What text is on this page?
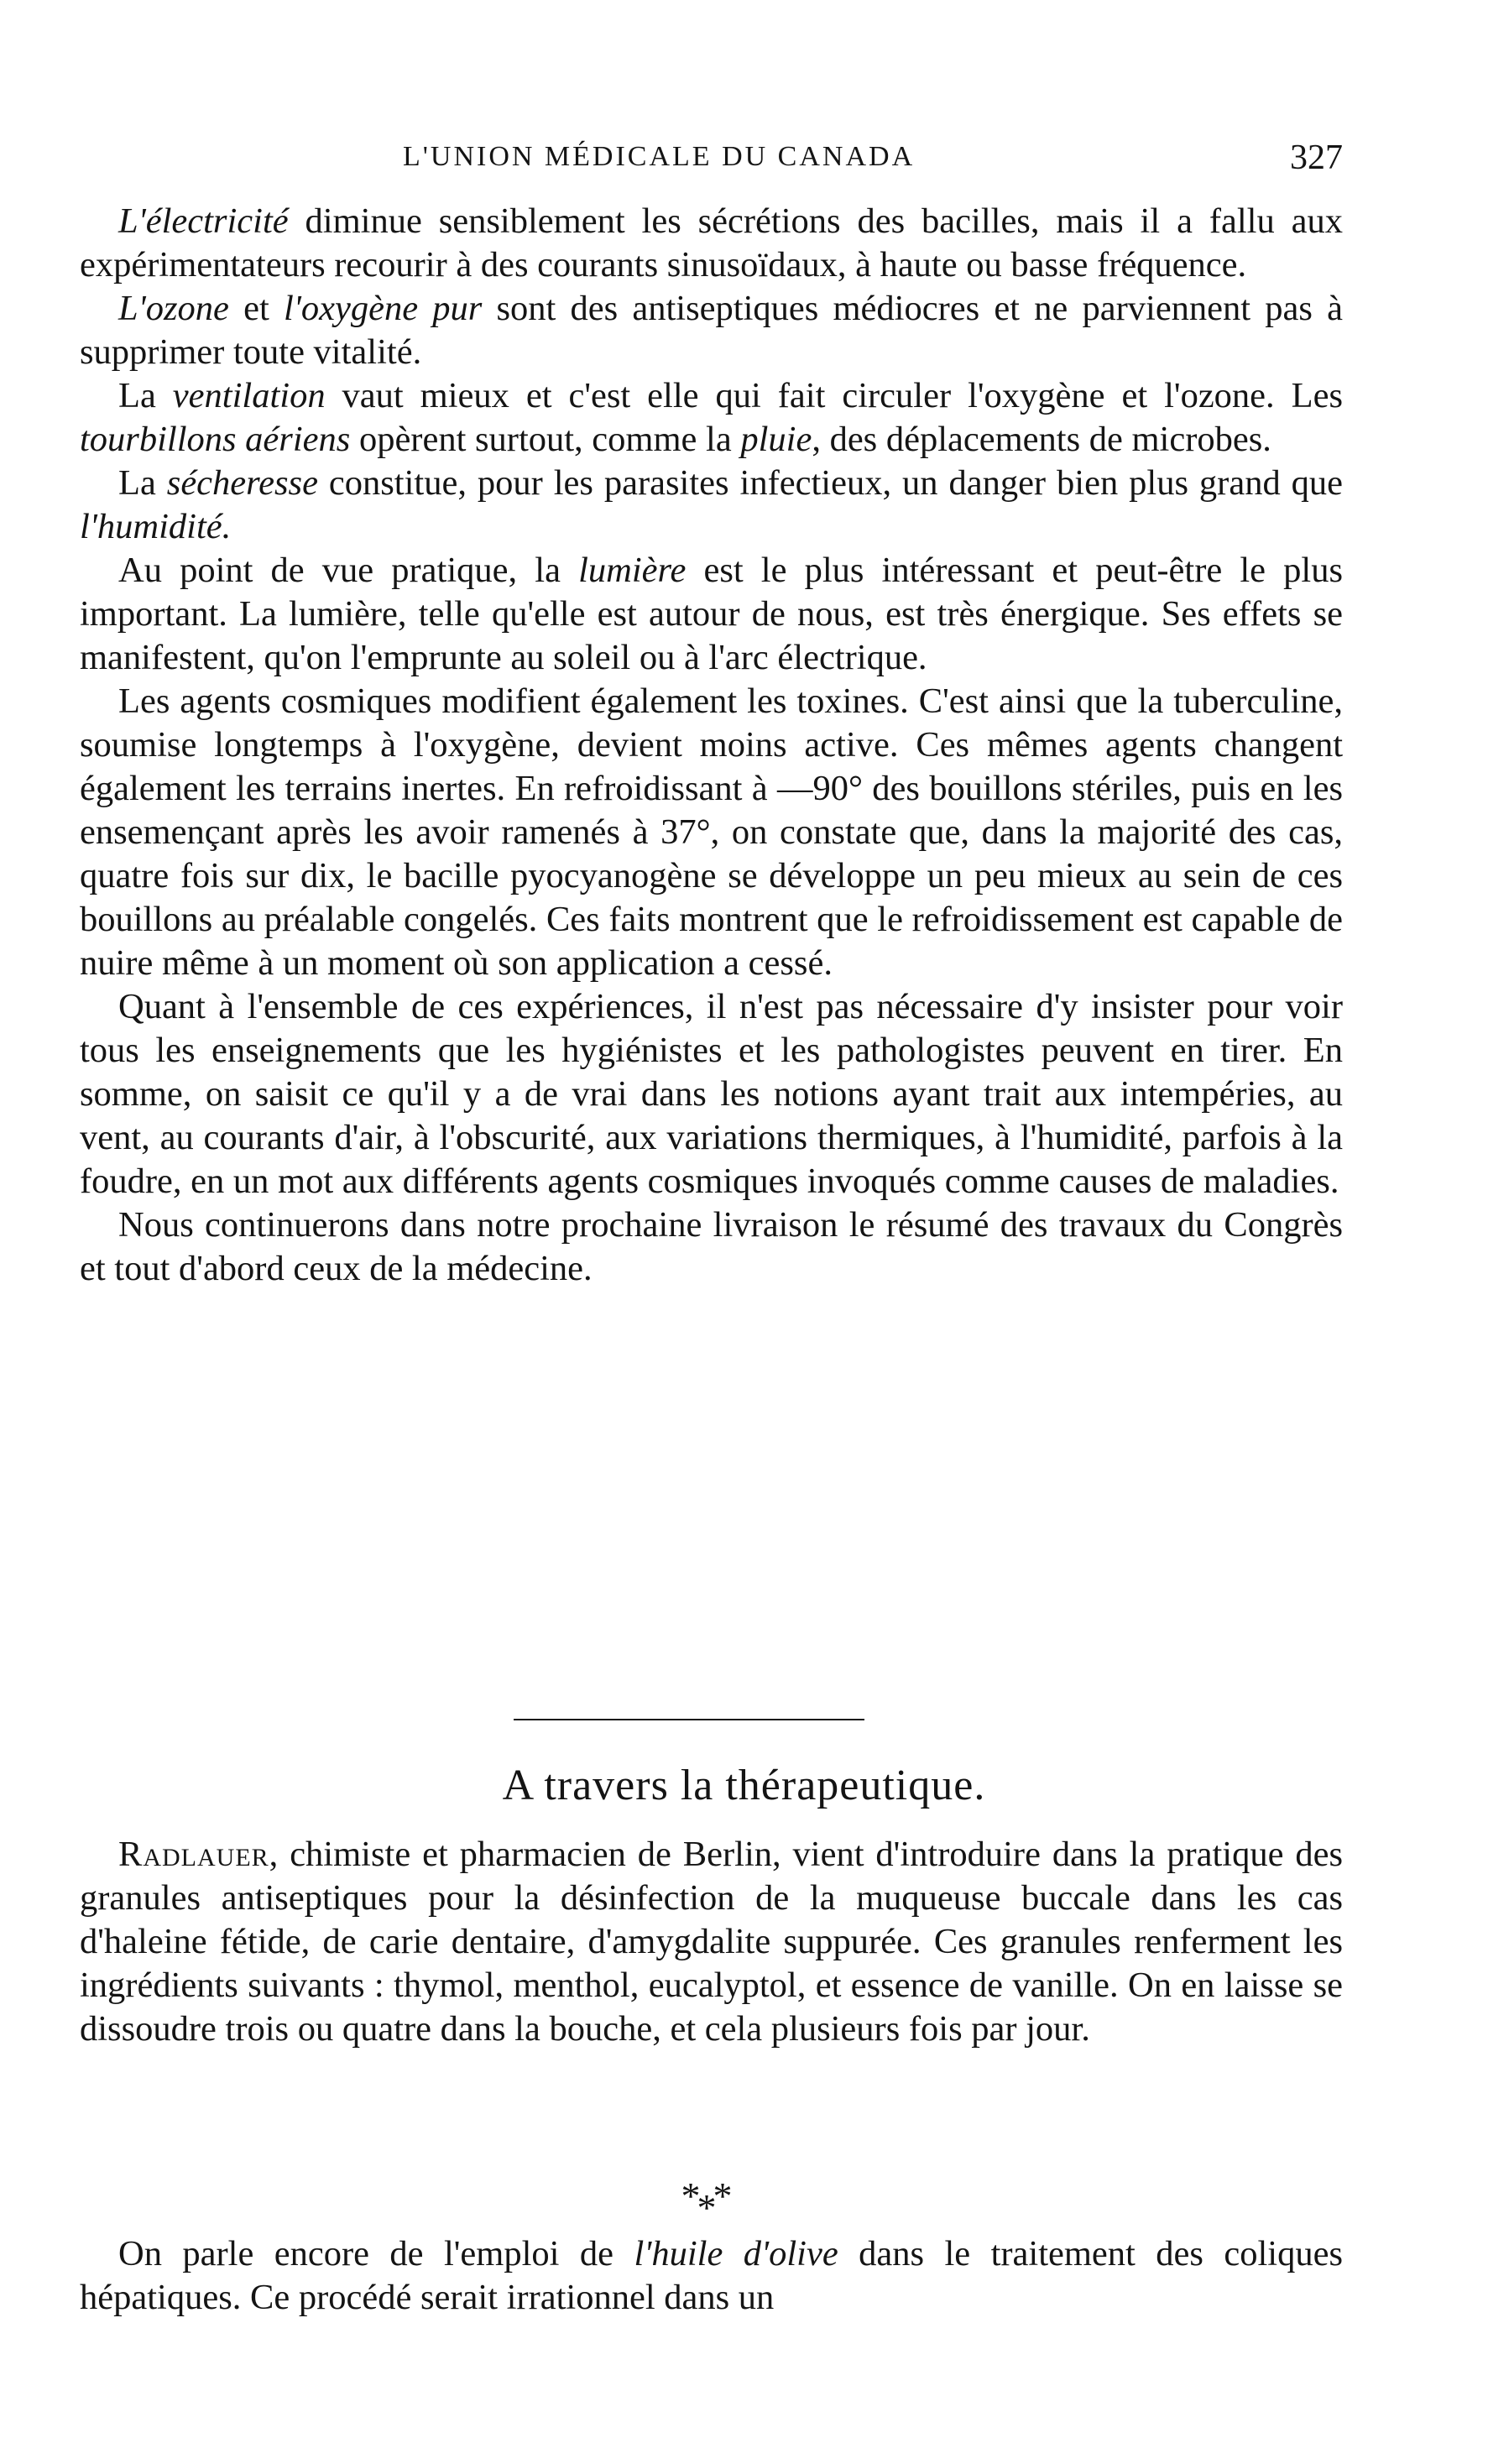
L'UNION MÉDICALE DU CANADA	327

L'électricité diminue sensiblement les sécrétions des bacilles, mais il a fallu aux expérimentateurs recourir à des courants sinusoïdaux, à haute ou basse fréquence.

L'ozone et l'oxygène pur sont des antiseptiques médiocres et ne parviennent pas à supprimer toute vitalité.

La ventilation vaut mieux et c'est elle qui fait circuler l'oxygène et l'ozone. Les tourbillons aériens opèrent surtout, comme la pluie, des déplacements de microbes.

La sécheresse constitue, pour les parasites infectieux, un danger bien plus grand que l'humidité.

Au point de vue pratique, la lumière est le plus intéressant et peut-être le plus important. La lumière, telle qu'elle est autour de nous, est très énergique. Ses effets se manifestent, qu'on l'emprunte au soleil ou à l'arc électrique.

Les agents cosmiques modifient également les toxines. C'est ainsi que la tuberculine, soumise longtemps à l'oxygène, devient moins active. Ces mêmes agents changent également les terrains inertes. En refroidissant à —90° des bouillons stériles, puis en les ensemençant après les avoir ramenés à 37°, on constate que, dans la majorité des cas, quatre fois sur dix, le bacille pyocyanogène se développe un peu mieux au sein de ces bouillons au préalable congelés. Ces faits montrent que le refroidissement est capable de nuire même à un moment où son application a cessé.

Quant à l'ensemble de ces expériences, il n'est pas nécessaire d'y insister pour voir tous les enseignements que les hygiénistes et les pathologistes peuvent en tirer. En somme, on saisit ce qu'il y a de vrai dans les notions ayant trait aux intempéries, au vent, au courants d'air, à l'obscurité, aux variations thermiques, à l'humidité, parfois à la foudre, en un mot aux différents agents cosmiques invoqués comme causes de maladies.

Nous continuerons dans notre prochaine livraison le résumé des travaux du Congrès et tout d'abord ceux de la médecine.

A travers la thérapeutique.

Radlauer, chimiste et pharmacien de Berlin, vient d'introduire dans la pratique des granules antiseptiques pour la désinfection de la muqueuse buccale dans les cas d'haleine fétide, de carie dentaire, d'amygdalite suppurée. Ces granules renferment les ingrédients suivants : thymol, menthol, eucalyptol, et essence de vanille. On en laisse se dissoudre trois ou quatre dans la bouche, et cela plusieurs fois par jour.

***

On parle encore de l'emploi de l'huile d'olive dans le traitement des coliques hépatiques. Ce procédé serait irrationnel dans un
